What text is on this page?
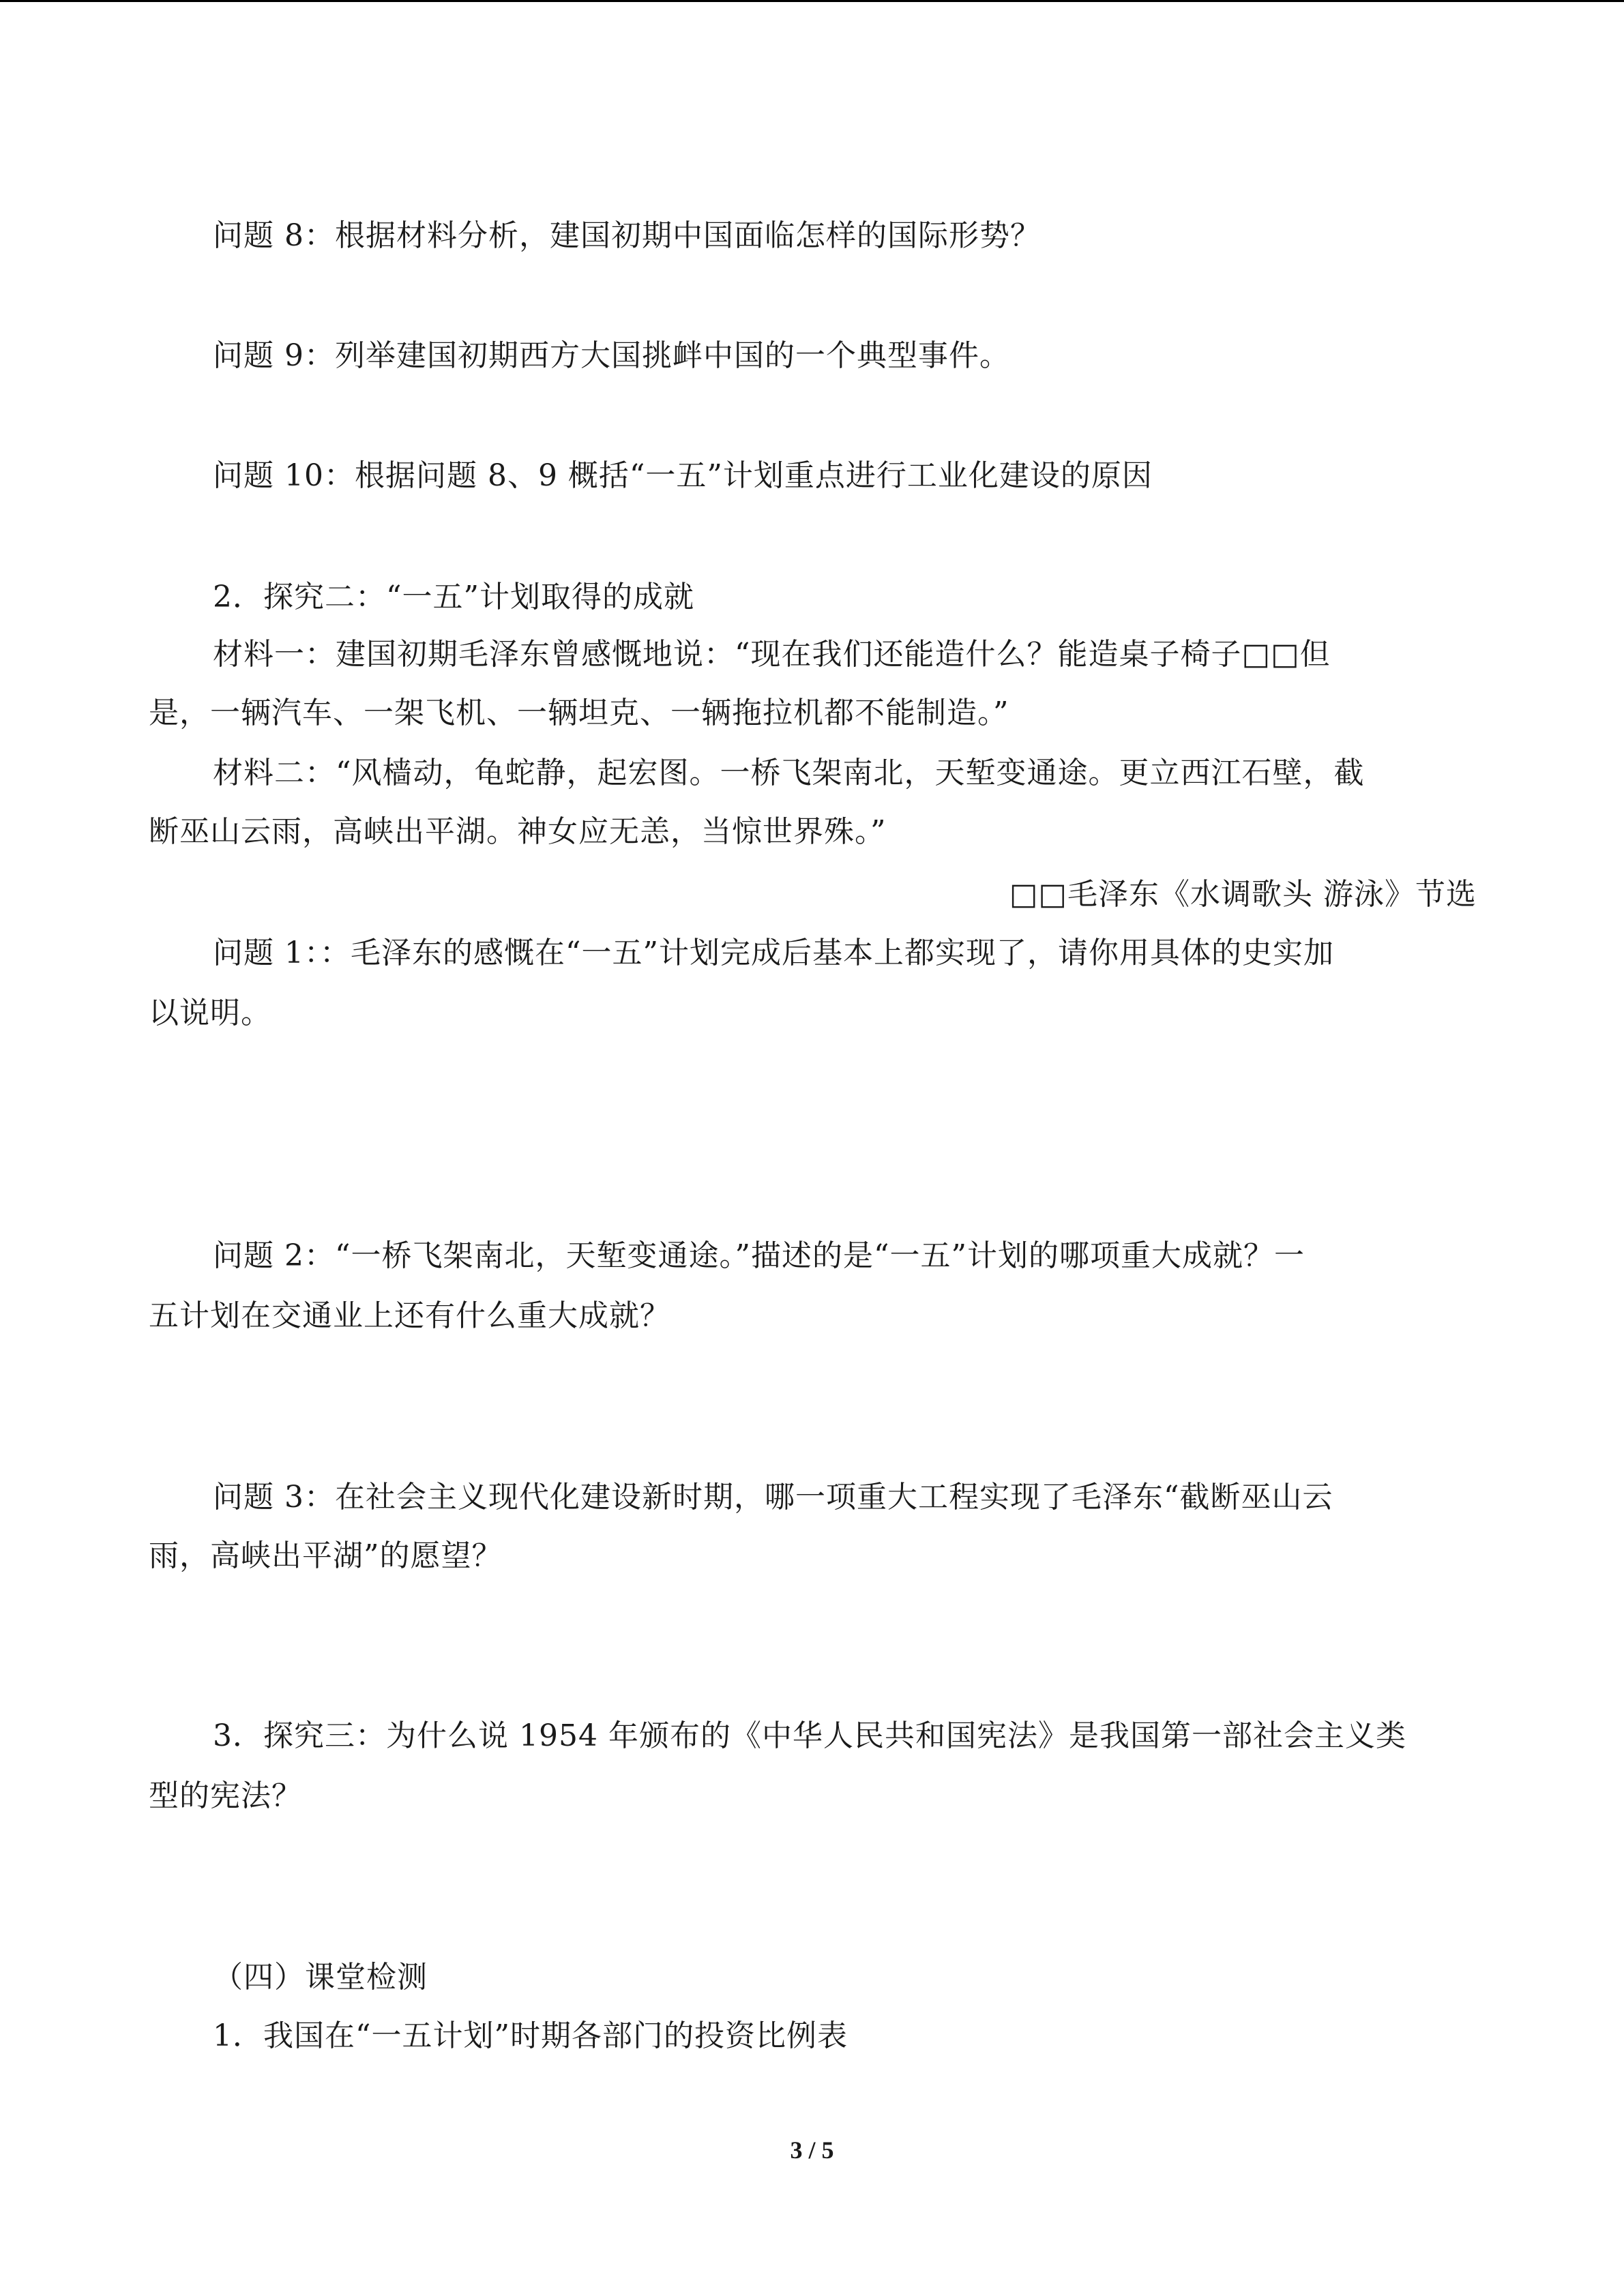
问题 8：根据材料分析，建国初期中国面临怎样的国际形势？
问题 9：列举建国初期西方大国挑衅中国的一个典型事件。
问题 10：根据问题 8、9 概括“一五”计划重点进行工业化建设的原因
2．探究二：“一五”计划取得的成就
材料一：建国初期毛泽东曾感慨地说：“现在我们还能造什么？能造桌子椅子□□但
是，一辆汽车、一架飞机、一辆坦克、一辆拖拉机都不能制造。”
材料二：“风樯动，龟蛇静，起宏图。一桥飞架南北，天堑变通途。更立西江石壁，截
断巫山云雨，高峡出平湖。神女应无恙，当惊世界殊。”
□□毛泽东《水调歌头 游泳》节选
问题 1：：毛泽东的感慨在“一五”计划完成后基本上都实现了，请你用具体的史实加
以说明。
问题 2：“一桥飞架南北，天堑变通途。”描述的是“一五”计划的哪项重大成就？一
五计划在交通业上还有什么重大成就？
问题 3：在社会主义现代化建设新时期，哪一项重大工程实现了毛泽东“截断巫山云
雨，高峡出平湖”的愿望？
3．探究三：为什么说 1954 年颁布的《中华人民共和国宪法》是我国第一部社会主义类
型的宪法？
（四）课堂检测
1．我国在“一五计划”时期各部门的投资比例表
3 / 5
